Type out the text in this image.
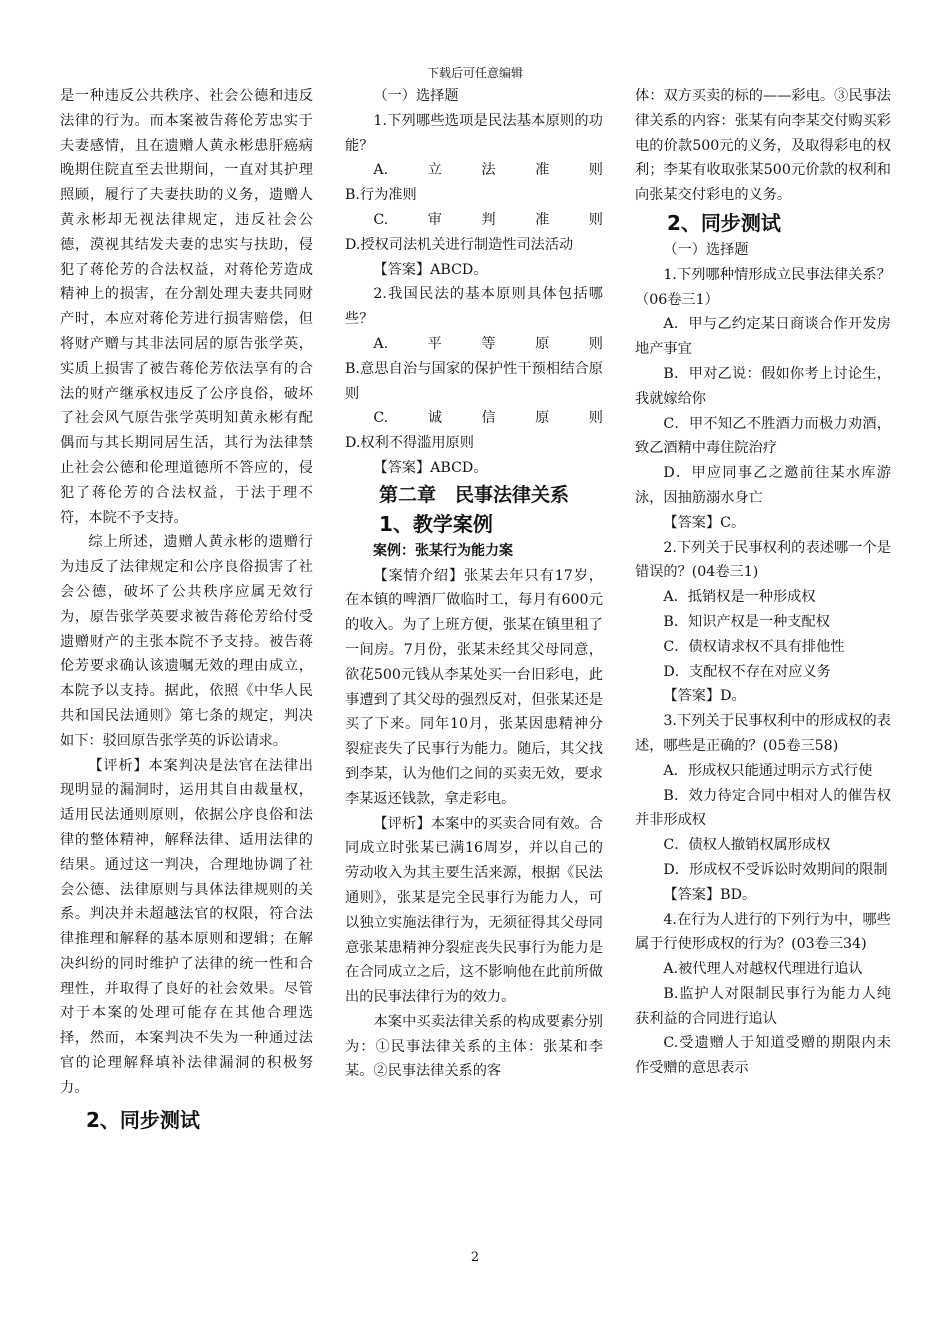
下载后可任意编辑

是一种违反公共秩序、社会公德和违反法律的行为。而本案被告蒋伦芳忠实于夫妻感情，且在遗赠人黄永彬患肝癌病晚期住院直至去世期间，一直对其护理照顾，履行了夫妻扶助的义务，遗赠人黄永彬却无视法律规定，违反社会公德，漠视其结发夫妻的忠实与扶助，侵犯了蒋伦芳的合法权益，对蒋伦芳造成精神上的损害，在分割处理夫妻共同财产时，本应对蒋伦芳进行损害赔偿，但将财产赠与其非法同居的原告张学英，实质上损害了被告蒋伦芳依法享有的合法的财产继承权违反了公序良俗，破坏了社会风气原告张学英明知黄永彬有配偶而与其长期同居生活，其行为法律禁止社会公德和伦理道德所不答应的，侵犯了蒋伦芳的合法权益，于法于理不符，本院不予支持。

综上所述，遗赠人黄永彬的遗赠行为违反了法律规定和公序良俗损害了社会公德，破坏了公共秩序应属无效行为，原告张学英要求被告蒋伦芳给付受遗赠财产的主张本院不予支持。被告蒋伦芳要求确认该遗嘱无效的理由成立，本院予以支持。据此，依照《中华人民共和国民法通则》第七条的规定，判决如下：驳回原告张学英的诉讼请求。

【评析】本案判决是法官在法律出现明显的漏洞时，运用其自由裁量权，适用民法通则原则，依据公序良俗和法律的整体精神，解释法律、适用法律的结果。通过这一判决，合理地协调了社会公德、法律原则与具体法律规则的关系。判决并未超越法官的权限，符合法律推理和解释的基本原则和逻辑；在解决纠纷的同时维护了法律的统一性和合理性，并取得了良好的社会效果。尽管对于本案的处理可能存在其他合理选择，然而，本案判决不失为一种通过法官的论理解释填补法律漏洞的积极努力。

2、同步测试

（一）选择题

1.下列哪些选项是民法基本原则的功能？

A.　立　法　准　则

B.行为准则

C.　审　判　准　则

D.授权司法机关进行制造性司法活动

【答案】ABCD。

2.我国民法的基本原则具体包括哪些？

A.　平　等　原　则

B.意思自治与国家的保护性干预相结合原则

C.　诚　信　原　则

D.权利不得滥用原则

【答案】ABCD。

第二章　民事法律关系
1、教学案例

案例：张某行为能力案

【案情介绍】张某去年只有17岁，在本镇的啤酒厂做临时工，每月有600元的收入。为了上班方便，张某在镇里租了一间房。7月份，张某未经其父母同意，欲花500元钱从李某处买一台旧彩电，此事遭到了其父母的强烈反对，但张某还是买了下来。同年10月，张某因患精神分裂症丧失了民事行为能力。随后，其父找到李某，认为他们之间的买卖无效，要求李某返还钱款，拿走彩电。

【评析】本案中的买卖合同有效。合同成立时张某已满16周岁，并以自己的劳动收入为其主要生活来源，根据《民法通则》，张某是完全民事行为能力人，可以独立实施法律行为，无须征得其父母同意张某患精神分裂症丧失民事行为能力是在合同成立之后，这不影响他在此前所做出的民事法律行为的效力。

本案中买卖法律关系的构成要素分别为：①民事法律关系的主体：张某和李某。②民事法律关系的客

体：双方买卖的标的——彩电。③民事法律关系的内容：张某有向李某交付购买彩电的价款500元的义务，及取得彩电的权利；李某有收取张某500元价款的权利和向张某交付彩电的义务。

2、同步测试

（一）选择题

1.下列哪种情形成立民事法律关系？（06卷三1）

A．甲与乙约定某日商谈合作开发房地产事宜

B．甲对乙说：假如你考上讨论生，我就嫁给你

C．甲不知乙不胜酒力而极力劝酒，致乙酒精中毒住院治疗

D．甲应同事乙之邀前往某水库游泳，因抽筋溺水身亡

【答案】C。

2.下列关于民事权利的表述哪一个是错误的？(04卷三1)

A．抵销权是一种形成权

B．知识产权是一种支配权

C．债权请求权不具有排他性

D．支配权不存在对应义务

【答案】D。

3.下列关于民事权利中的形成权的表述，哪些是正确的？(05卷三58)

A．形成权只能通过明示方式行使

B．效力待定合同中相对人的催告权并非形成权

C．债权人撤销权属形成权

D．形成权不受诉讼时效期间的限制

【答案】BD。

4.在行为人进行的下列行为中，哪些属于行使形成权的行为？(03卷三34)

A.被代理人对越权代理进行追认

B.监护人对限制民事行为能力人纯获利益的合同进行追认

C.受遗赠人于知道受赠的期限内未作受赠的意思表示

2
